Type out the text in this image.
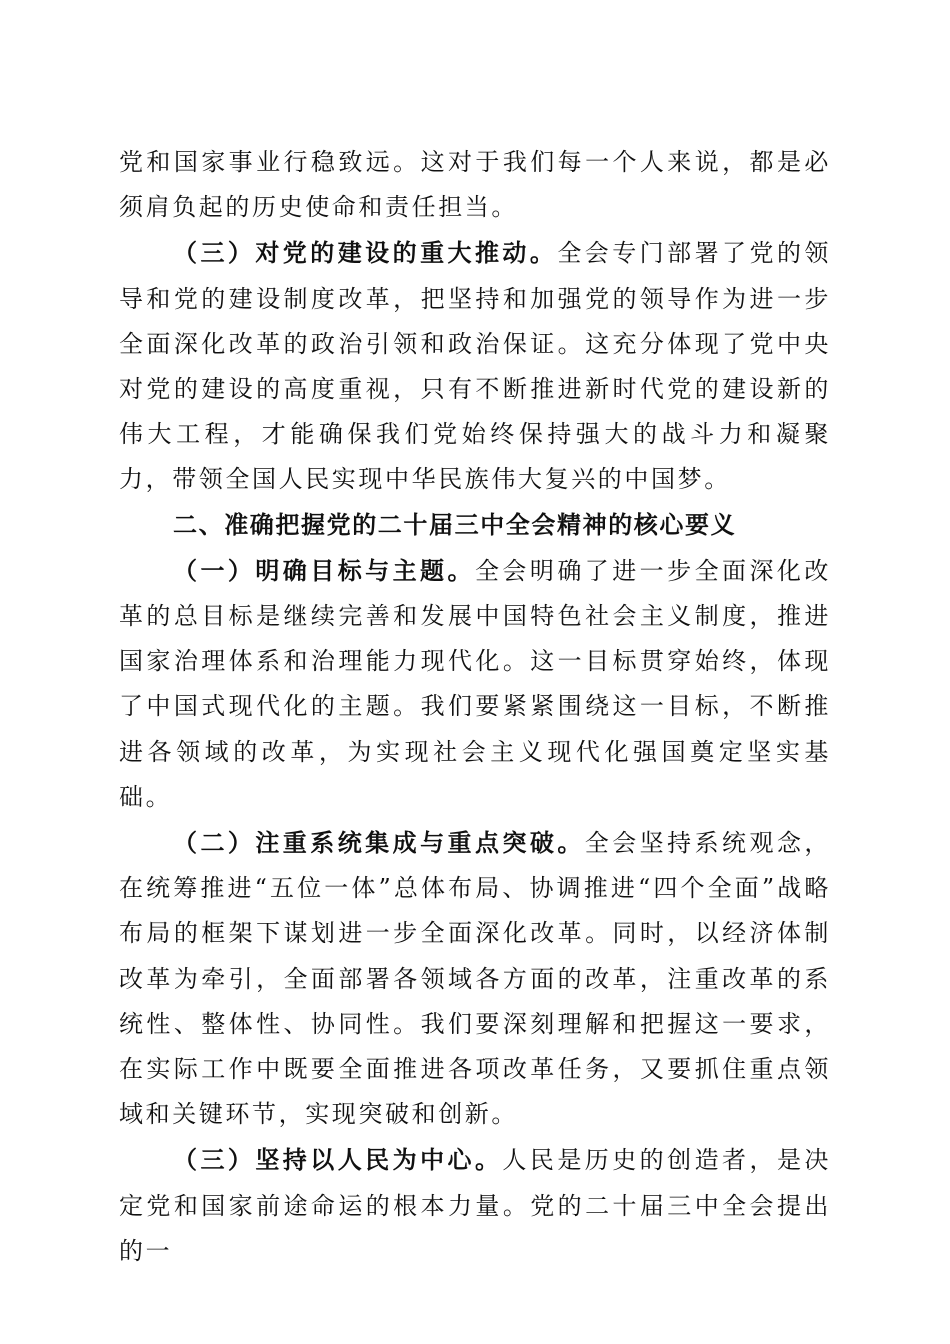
党和国家事业行稳致远。这对于我们每一个人来说，都是必须肩负起的历史使命和责任担当。

（三）对党的建设的重大推动。全会专门部署了党的领导和党的建设制度改革，把坚持和加强党的领导作为进一步全面深化改革的政治引领和政治保证。这充分体现了党中央对党的建设的高度重视，只有不断推进新时代党的建设新的伟大工程，才能确保我们党始终保持强大的战斗力和凝聚力，带领全国人民实现中华民族伟大复兴的中国梦。

二、准确把握党的二十届三中全会精神的核心要义

（一）明确目标与主题。全会明确了进一步全面深化改革的总目标是继续完善和发展中国特色社会主义制度，推进国家治理体系和治理能力现代化。这一目标贯穿始终，体现了中国式现代化的主题。我们要紧紧围绕这一目标，不断推进各领域的改革，为实现社会主义现代化强国奠定坚实基础。

（二）注重系统集成与重点突破。全会坚持系统观念，在统筹推进“五位一体”总体布局、协调推进“四个全面”战略布局的框架下谋划进一步全面深化改革。同时，以经济体制改革为牵引，全面部署各领域各方面的改革，注重改革的系统性、整体性、协同性。我们要深刻理解和把握这一要求，在实际工作中既要全面推进各项改革任务，又要抓住重点领域和关键环节，实现突破和创新。

（三）坚持以人民为中心。人民是历史的创造者，是决定党和国家前途命运的根本力量。党的二十届三中全会提出的一
